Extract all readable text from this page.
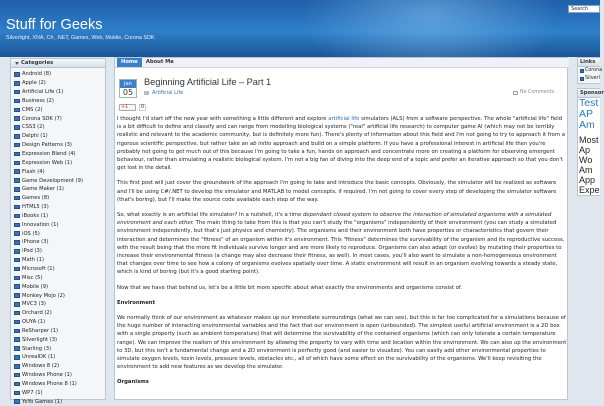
Stuff for Geeks
Silverlight, XNA, C#, .NET, Games, Web, Mobile, Corona SDK
Search
Categories
Android (8)
Apple (2)
Artificial Life (1)
Business (2)
CMS (2)
Corona SDK (7)
CSS3 (2)
Delphi (1)
Design Patterns (3)
Expression Blend (4)
Expression Web (1)
Flash (4)
Game Development (9)
Game Maker (1)
Games (8)
HTML5 (3)
iBooks (1)
Innovation (1)
iOS (5)
iPhone (3)
iPod (3)
Math (1)
Microsoft (1)
Misc (5)
Mobile (9)
Monkey Mojo (2)
MVC3 (3)
Orchard (2)
OUYA (1)
ReSharper (1)
Silverlight (3)
Starling (3)
UnrealDK (1)
Windows 8 (2)
Windows Phone (1)
Windows Phone 8 (1)
WP7 (1)
YoYo Games (1)
Home	About Me
Jan
05
Beginning Artificial Life – Part 1
Artificial Life	No Comments
+1	0

I thought I'd start off the new year with something a little different and explore artificial life simulators (ALS) from a software perspective. The whole "artificial life" field is a bit difficult to define and classify and can range from modelling biological systems ("real" artificial life research) to computer game AI (which may not be terribly realistic and relevant to the academic community, but is definitely more fun). There's plenty of information about this field and I'm not going to try to approach it from a rigorous scientific perspective, but rather take an ab initio approach and build on a simple platform. If you have a professional interest in artificial life then you're probably not going to get much out of this because I'm going to take a fun, hands on approach and concentrate more on creating a platform for observing emergent behaviour, rather than simulating a realistic biological system. I'm not a big fan of diving into the deep end of a topic and prefer an iterative approach so that you don't get lost in the detail.

This first post will just cover the groundwork of the approach I'm going to take and introduce the basic concepts. Obviously, the simulator will be realized as software and I'll be using C#/.NET to develop the simulator and MATLAB to model concepts, if required. I'm not going to cover every step of developing the simulator software (that's boring), but I'll make the source code available each step of the way.

So, what exactly is an artificial life simulator? In a nutshell, it's a time dependant closed system to observe the interaction of simulated organisms with a simulated environment and each other. The main thing to take from this is that you can't study the "organisms" independently of their environment (you can study a simulated environment independently, but that's just physics and chemistry). The organisms and their environment both have properties or characteristics that govern their interaction and determines the "fitness" of an organism within it's environment. This "fitness" determines the survivability of the organism and its reproductive success, with the result being that the more fit individuals survive longer and are more likely to reproduce. Organisms can also adapt (or evolve) by mutating their properties to increase their environmental fitness (a change may also decrease their fitness, as well). In most cases, you'll also want to simulate a non-homogeneous environment that changes over time to see how a colony of organisms evolves spatially over time. A static environment will result in an organism evolving towards a steady state, which is kind of boring (but it's a good starting point).

Now that we have that behind us, let's be a little bit more specific about what exactly the environments and organisms consist of.

Environment

We normally think of our environment as whatever makes up our immediate surroundings (what we can see), but this is far too complicated for a simulations because of the huge number of interacting environmental variables and the fact that our environment is open (unbounded). The simplest useful artificial environment is a 2D box with a single property (such as ambient temperature) that will determine the survivability of the contained organisms (which can only tolerate a certain temperature range). We can improve the realism of this environment by allowing the property to vary with time and location within the environment. We can also up the environment to 3D, but this isn't a fundamental change and a 2D environment is perfectly good (and easier to visualize). You can easily add other environmental properties to simulate oxygen levels, toxin levels, pressure levels, obstacles etc., all of which have some effect on the survivability of the organisms. We'll keep revisiting the environment to add new features as we develop the simulator.

Organisms
Links
Corona
Silverl
Sponsor
Test
AP
Am
Most
Ap
Wo
Am
App
Expe
